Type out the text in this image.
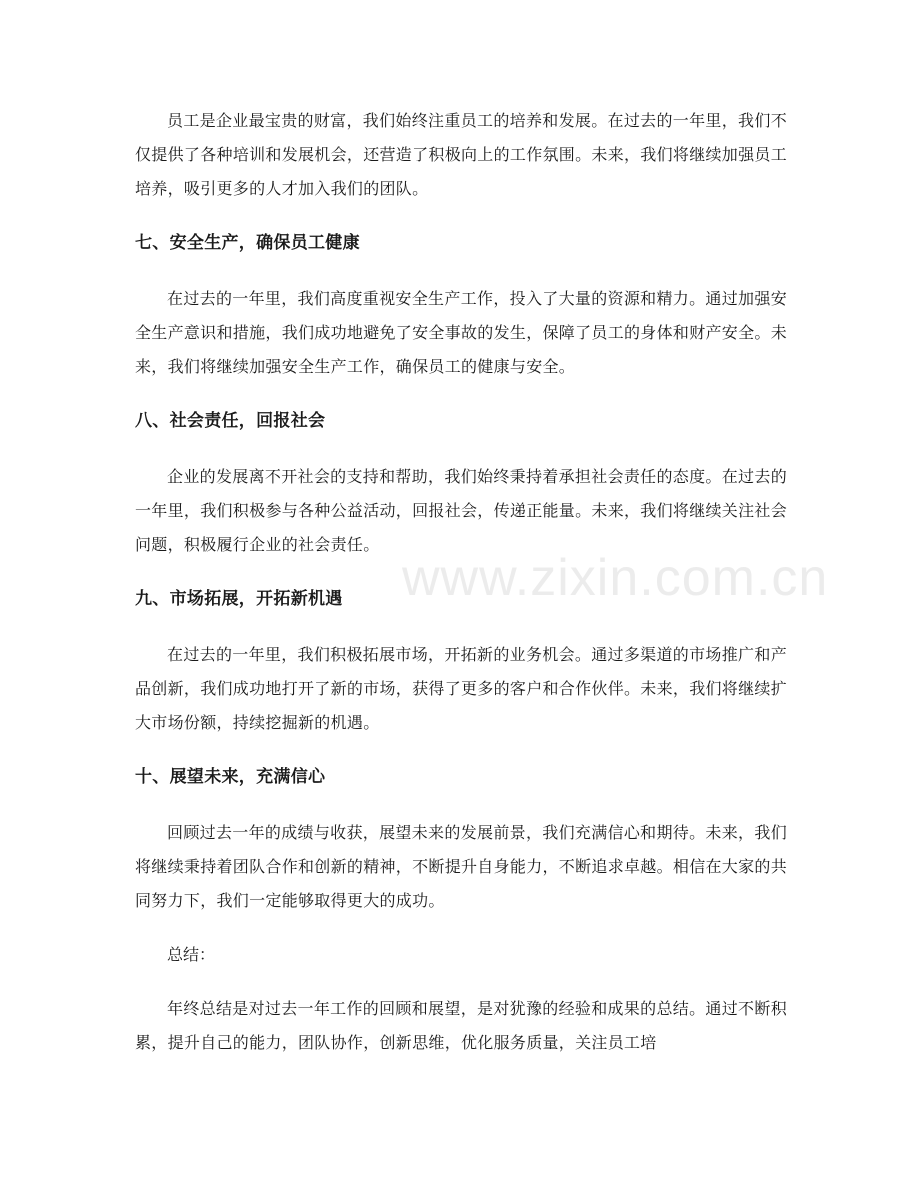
www.zixin.com.cn

员工是企业最宝贵的财富，我们始终注重员工的培养和发展。在过去的一年里，我们不仅提供了各种培训和发展机会，还营造了积极向上的工作氛围。未来，我们将继续加强员工培养，吸引更多的人才加入我们的团队。

七、安全生产，确保员工健康

在过去的一年里，我们高度重视安全生产工作，投入了大量的资源和精力。通过加强安全生产意识和措施，我们成功地避免了安全事故的发生，保障了员工的身体和财产安全。未来，我们将继续加强安全生产工作，确保员工的健康与安全。

八、社会责任，回报社会

企业的发展离不开社会的支持和帮助，我们始终秉持着承担社会责任的态度。在过去的一年里，我们积极参与各种公益活动，回报社会，传递正能量。未来，我们将继续关注社会问题，积极履行企业的社会责任。

九、市场拓展，开拓新机遇

在过去的一年里，我们积极拓展市场，开拓新的业务机会。通过多渠道的市场推广和产品创新，我们成功地打开了新的市场，获得了更多的客户和合作伙伴。未来，我们将继续扩大市场份额，持续挖掘新的机遇。

十、展望未来，充满信心

回顾过去一年的成绩与收获，展望未来的发展前景，我们充满信心和期待。未来，我们将继续秉持着团队合作和创新的精神，不断提升自身能力，不断追求卓越。相信在大家的共同努力下，我们一定能够取得更大的成功。

总结：

年终总结是对过去一年工作的回顾和展望，是对犹豫的经验和成果的总结。通过不断积累，提升自己的能力，团队协作，创新思维，优化服务质量，关注员工培
